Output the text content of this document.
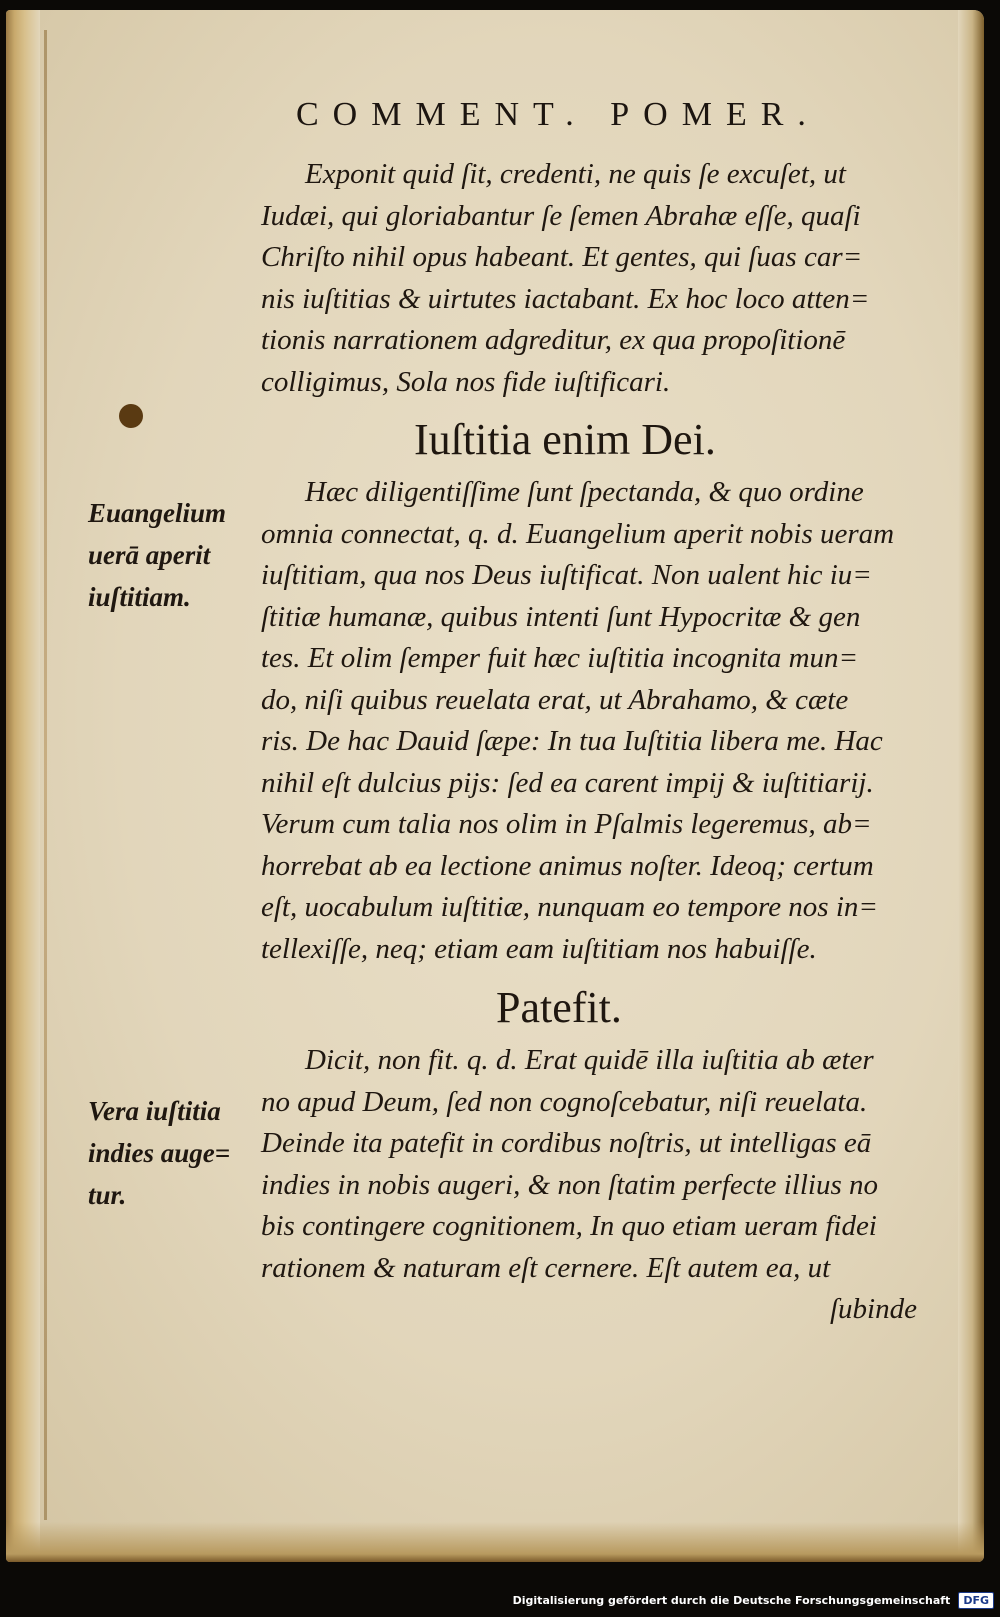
COMMENT. POMER.
Exponit quid ſit, credenti, ne quis ſe excuſet, ut
Iudæi, qui gloriabantur ſe ſemen Abrahæ eſſe, quaſi
Chriſto nihil opus habeant. Et gentes, qui ſuas car=
nis iuſtitias & uirtutes iactabant. Ex hoc loco atten=
tionis narrationem adgreditur, ex qua propoſitionē
colligimus, Sola nos fide iuſtificari.
Iuſtitia enim Dei.
Euangelium
uerā aperit
iuſtitiam.
Hæc diligentiſſime ſunt ſpectanda, & quo ordine
omnia connectat, q. d. Euangelium aperit nobis ueram
iuſtitiam, qua nos Deus iuſtificat. Non ualent hic iu=
ſtitiæ humanæ, quibus intenti ſunt Hypocritæ & gen
tes. Et olim ſemper fuit hæc iuſtitia incognita mun=
do, niſi quibus reuelata erat, ut Abrahamo, & cæte
ris. De hac Dauid ſæpe: In tua Iuſtitia libera me. Hac
nihil eſt dulcius pijs: ſed ea carent impij & iuſtitiarij.
Verum cum talia nos olim in Pſalmis legeremus, ab=
horrebat ab ea lectione animus noſter. Ideoq; certum
eſt, uocabulum iuſtitiæ, nunquam eo tempore nos in=
tellexiſſe, neq; etiam eam iuſtitiam nos habuiſſe.
Patefit.
Vera iuſtitia
indies auge=
tur.
Dicit, non fit. q. d. Erat quidē illa iuſtitia ab æter
no apud Deum, ſed non cognoſcebatur, niſi reuelata.
Deinde ita patefit in cordibus noſtris, ut intelligas eā
indies in nobis augeri, & non ſtatim perfecte illius no
bis contingere cognitionem, In quo etiam ueram fidei
rationem & naturam eſt cernere. Eſt autem ea, ut
ſubinde
Digitalisierung gefördert durch die Deutsche Forschungsgemeinschaft	DFG
